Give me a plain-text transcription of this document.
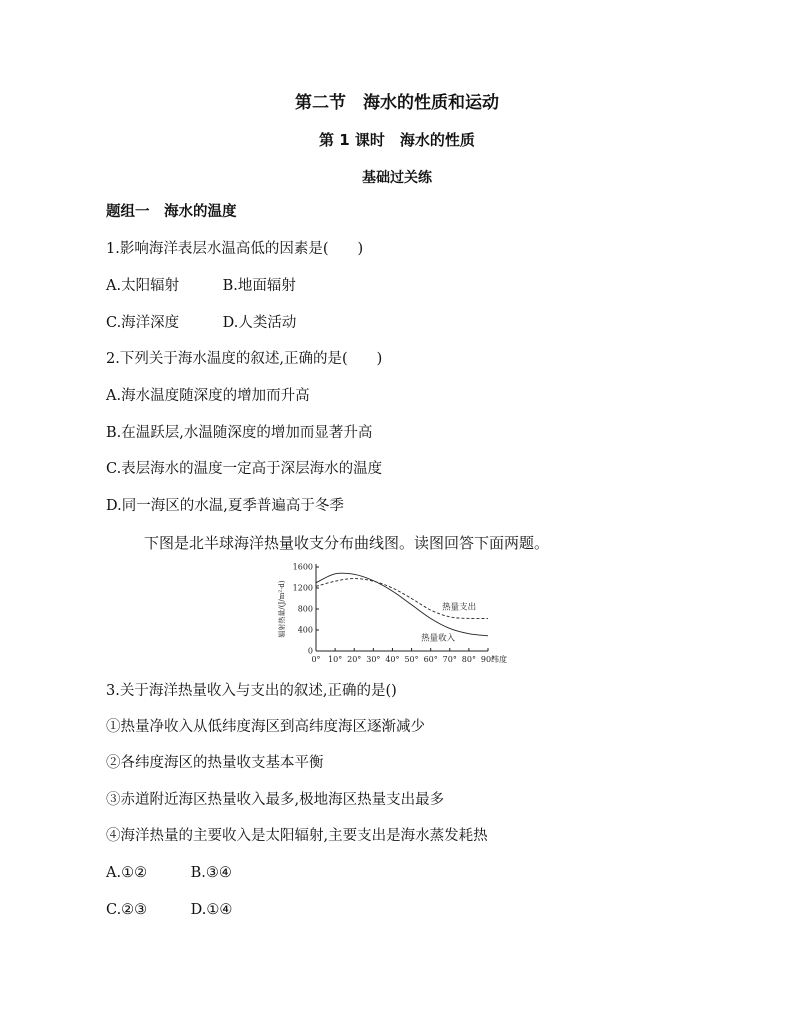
第二节　海水的性质和运动
第 1 课时　海水的性质
基础过关练
题组一　海水的温度
1.影响海洋表层水温高低的因素是(　　)
A.太阳辐射　　　B.地面辐射
C.海洋深度　　　D.人类活动
2.下列关于海水温度的叙述,正确的是(　　)
A.海水温度随深度的增加而升高
B.在温跃层,水温随深度的增加而显著升高
C.表层海水的温度一定高于深层海水的温度
D.同一海区的水温,夏季普遍高于冬季
下图是北半球海洋热量收支分布曲线图。读图回答下面两题。
400
800
1200
1600
0
0° 10° 20° 30° 40° 50° 60° 70° 80° 90°
纬度
辐射热量/(J/m²·d)
热量收入
热量支出
3.关于海洋热量收入与支出的叙述,正确的是()
①热量净收入从低纬度海区到高纬度海区逐渐减少
②各纬度海区的热量收支基本平衡
③赤道附近海区热量收入最多,极地海区热量支出最多
④海洋热量的主要收入是太阳辐射,主要支出是海水蒸发耗热
A.①②　　　B.③④
C.②③　　　D.①④
